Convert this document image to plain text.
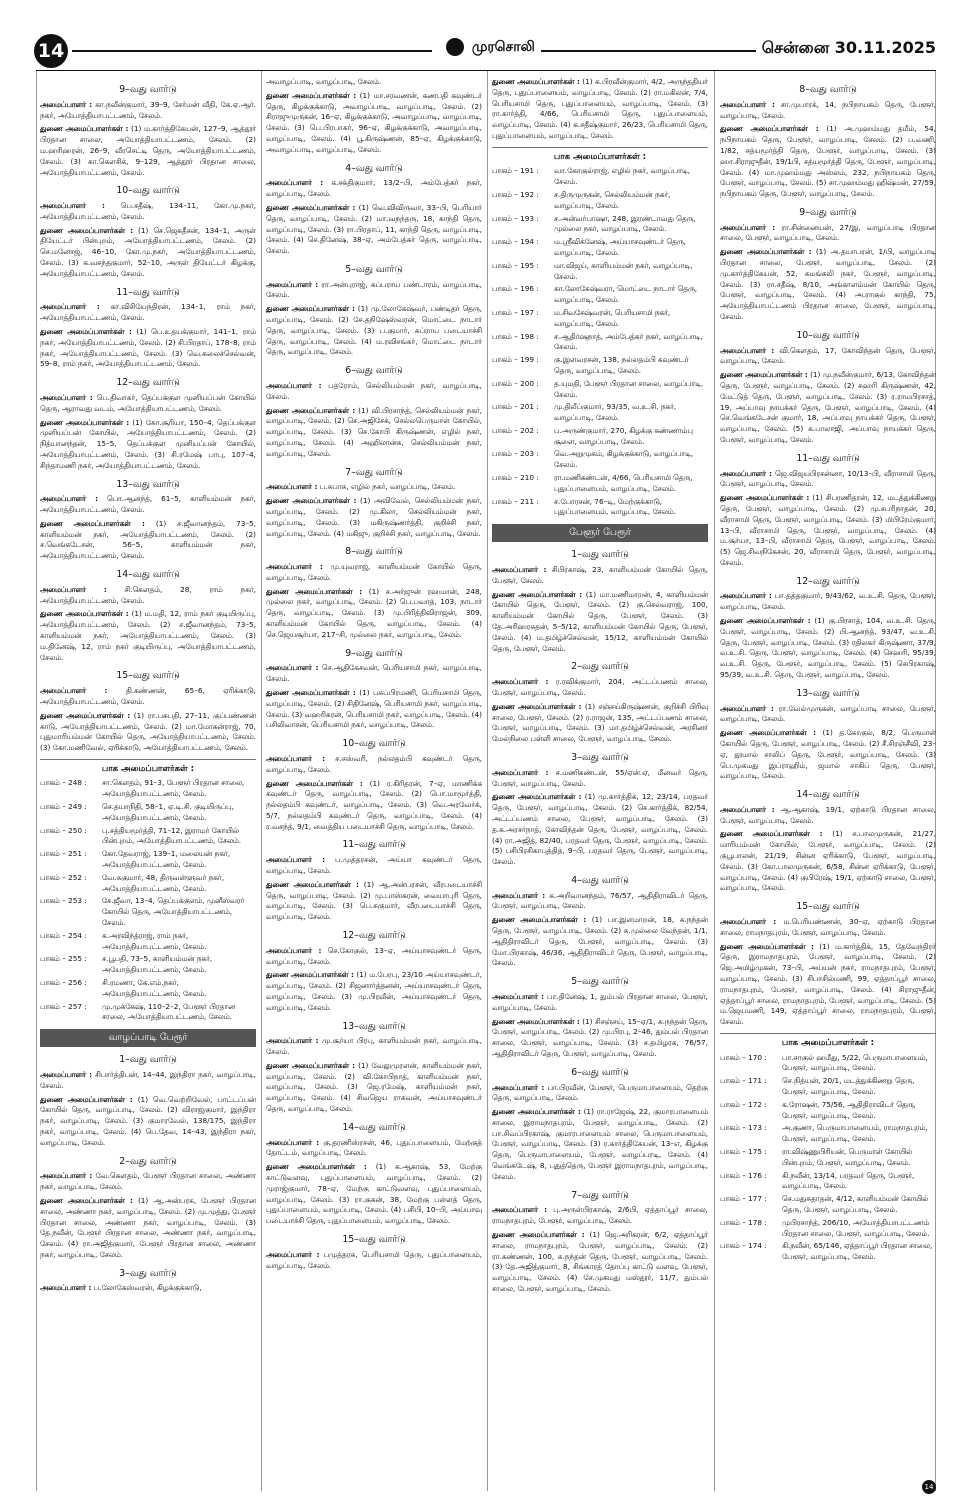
14	முரசொலி	சென்னை 30.11.2025
9–வது வார்டு
அமைப்பாளர் : கா.நவீன்குமார், 39–9, சேர்மன் வீதி, கே.ஏ.ஆர். நகர், அயோத்தியாபட்டணம், சேலம்.
துணை அமைப்பாளர்கள் : (1) ம.கார்த்திகேயன், 127–9, ஆத்தூர் பிரதான சாலை, அயோத்தியாபட்டணம், சேலம். (2) ம.ஹரிஹரன், 26–9, வீரசெட்டி தெரு, அயோத்தியாபட்டணம், சேலம். (3) கா.கௌசிக், 9–129, ஆத்தூர் பிரதான சாலை, அயோத்தியாபட்டணம், சேலம்.
10–வது வார்டு
அமைப்பாளர் : பெ.சதீஷ், 134–11, கோ.மு.நகர், அயோத்தியாபட்டணம், சேலம்.
துணை அமைப்பாளர்கள் : (1) செ.ஜெகதீசன், 134–1, அருள் தியேட்டர் பின்புறம், அயோத்தியாபட்டணம், சேலம். (2) செ.மனோஜ், 46–10, கோ.மு.நகர், அயோத்தியாபட்டணம், சேலம். (3) க.வசந்தகுமார், 52–10, அருள் தியேட்டர் கிழக்கு, அயோத்தியாபட்டணம், சேலம்.
11–வது வார்டு
அமைப்பாளர் : கா.விசியேந்திரன், 134–1, ராம் நகர், அயோத்தியாபட்டணம், சேலம்.
துணை அமைப்பாளர்கள் : (1) பெ.உதயக்குமார், 141–1, ராம் நகர், அயோத்தியாபட்டணம், சேலம். (2) சி.பிரதாப், 178–8, ராம் நகர், அயோத்தியாபட்டணம், சேலம். (3) வெ.கலைச்செல்வன், 59–8, ராம் நகர், அயோத்தியாபட்டணம், சேலம்.
12–வது வார்டு
அமைப்பாளர் : பெ.திவாகர், தெப்பக்குள முனியப்பன் கோயில் தெரு, ஆராவது வடம், அயோத்தியாபட்டணம், சேலம்.
துணை அமைப்பாளர்கள் : (1) கோ.சூரியா, 150–4, தெப்பக்குள முனியப்பன் கோயில், அயோத்தியாபட்டணம், சேலம். (2) நித்யானந்தன், 15–5, தெப்பக்குள முனியப்பன் கோயில், அயோத்தியாபட்டணம், சேலம். (3) சி.ரமேஷ் பாபு, 107–4, சிந்தாமணி நகர், அயோத்தியாபட்டணம், சேலம்.
13–வது வார்டு
அமைப்பாளர் : பொ.ஆனந்த், 61–5, காளியம்மன் நகர், அயோத்தியாபட்டணம், சேலம்.
துணை அமைப்பாளர்கள் : (1) ச.ஜீவானந்தம், 73–5, காளியம்மன் நகர், அயோத்தியாபட்டணம், சேலம். (2) ச.வெங்கடேசன், 56–5, காளியம்மன் நகர், அயோத்தியாபட்டணம், சேலம்.
14–வது வார்டு
அமைப்பாளர் : சி.கௌதம், 28, ராம் நகர், அயோத்தியாபட்டணம், சேலம்.
துணை அமைப்பாளர்கள் : (1) ம.மதி, 12, ராம் நகர் குடியிருப்பு, அயோத்தியாபட்டணம், சேலம். (2) ச.ஜீவானந்தம், 73–5, காளியம்மன் நகர், அயோத்தியாபட்டணம், சேலம். (3) ம.தினேஷ், 12, ராம் நகர் குடியிருப்பு, அயோத்தியாபட்டணம், சேலம்.
15–வது வார்டு
அமைப்பாளர் :	தி.கண்ணன், 65–6, ஏரிக்காடு, அயோத்தியாபட்டணம், சேலம்.
துணை அமைப்பாளர்கள் : (1) ரா.பசுபதி, 27–11, குப்பண்ணன் காடு, அயோத்தியாபட்டணம், சேலம். (2) மா.மோகன்ராஜ், 70, புதுமாரியம்மன் கோயில் தெரு, அயோத்தியாபட்டணம், சேலம். (3) கோ.மணிவேல், ஏரிக்காடு, அயோத்தியாபட்டணம், சேலம்.
பாக அமைப்பாளர்கள் :
பாகம் – 248 :	சா.கௌதம், 91–3, பேளூர் பிரதான சாலை, அயோத்தியாபட்டணம், சேலம்.
பாகம் – 249 :	செ.தயாநிதி, 58–1, ஏ.டி.சி. குடியிருப்பு, அயோத்தியாபட்டணம், சேலம்.
பாகம் – 250 :	பு.சத்தியமூர்த்தி, 71–12, இராமர் கோயில் பின்புறம், அயோத்தியாபட்டணம், சேலம்.
பாகம் – 251 :	கோ.தேவராஜ், 139–1, மலையன் நகர், அயோத்தியாபட்டணம், சேலம்.
பாகம் – 252 :	வே.சுகுமார், 48, திருவள்ளுவர் நகர், அயோத்தியாபட்டணம், சேலம்.
பாகம் – 253 :	சே.ஜீவா, 13–4, தெப்பக்குளம், முனீஸ்வரர் கோயில் தெரு, அயோத்தியாபட்டணம், சேலம்.
பாகம் – 254 :	சு.அரவிந்த்ராஜ், ராம் நகர், அயோத்தியாபட்டணம், சேலம்.
பாகம் – 255 :	ச.பூபதி, 73–5, காளியம்மன் நகர், அயோத்தியாபட்டணம், சேலம்.
பாகம் – 256 :	சி.ரமணா, கே.எம்.நகர், அயோத்தியாபட்டணம், சேலம்.
பாகம் – 257 :	மு.முக்கேஷ், 110–2–2, பேளூர் பிரதான சாலை, அயோத்தியாபட்டணம், சேலம்.
வாழப்பாடி பேரூர்
1–வது வார்டு
அமைப்பாளர் : சிபார்த்திபன், 14–44, இந்திரா நகர், வாழப்பாடி, சேலம்.
துணை அமைப்பாளர்கள் : (1) வெ.வெற்றிவேல், பாட்டப்பன் கோயில் தெரு, வாழப்பாடி, சேலம். (2) விராஜ்குமார், இந்திரா நகர், வாழப்பாடி, சேலம். (3) குமாரவேல், 138/175, இந்திரா நகர், வாழப்பாடி, சேலம். (4) பெ.தேவ, 14–43, இந்திரா நகர், வாழப்பாடி, சேலம்.
2–வது வார்டு
அமைப்பாளர் : வே.கௌதம், பேளூர் பிரதான சாலை, அண்ணா நகர், வாழப்பாடி, சேலம்.
துணை அமைப்பாளர்கள் : (1) ஆ.அன்பரசு, பேளூர் பிரதான சாலை, அண்ணா நகர், வாழப்பாடி, சேலம். (2) மு.முத்து, பேளூர் பிரதான சாலை, அண்ணா நகர், வாழப்பாடி, சேலம். (3) தே.நவீன், பேளூர் பிரதான சாலை, அண்ணா நகர், வாழப்பாடி, சேலம். (4) ரா.அஜித்குமார், பேளூர் பிரதான சாலை, அண்ணா நகர், வாழப்பாடி, சேலம்.
3–வது வார்டு
அமைப்பாளர் : ப.லோகேஸ்வரன், கிழக்குக்காடு,
அவாழப்பாடி, வாழப்பாடி, சேலம்.
துணை அமைப்பாளர்கள் : (1) மா.சரவணன், கணபதி கவுண்டர் தெரு, கிழக்குக்காடு, அவாழப்பாடி, வாழப்பாடி, சேலம். (2) சிராஜுமுருகன், 16–ஏ, கிழக்குக்காடு, அவாழப்பாடி, வாழப்பாடி, சேலம். (3) பெ.பிரபாகர், 96–ஏ, கிழக்குக்காடு, அவாழப்பாடி, வாழப்பாடி, சேலம். (4) பூ.கிருஷ்ணன், 85–ஏ, கிழக்குக்காடு, அவாழப்பாடி, வாழப்பாடி, சேலம்.
4–வது வார்டு
அமைப்பாளர் : க.சக்திகுமார், 13/2–பி, அம்பேத்கர் நகர், வாழப்பாடி, சேலம்.
துணை அமைப்பாளர்கள் : (1) வெ.விவிருவா, 33–பி, பெரியார் தெரு, வாழப்பாடி, சேலம். (2) மா.வநந்தரு, 18, காந்தி தெரு, வாழப்பாடி, சேலம். (3) ரா.பிரதாப், 11, காந்தி தெரு, வாழப்பாடி, சேலம். (4) செ.தினேஷ், 38–ஏ, அம்பேத்கர் தெரு, வாழப்பாடி, சேலம்.
5–வது வார்டு
அமைப்பாளர் : ரா.அன்புராஜ், சுப்பராய பண்டாரம், வாழப்பாடி, சேலம்.
துணை அமைப்பாளர்கள் : (1) மு.லோகேஷ்வர், பண்டிதர் தெரு, வாழப்பாடி, சேலம். (2) சே.தநிஷேஸ்வரன், மொட்டை நாடார் தெரு, வாழப்பாடி, சேலம். (3) ப.குமார், சுப்ராய படையாச்சி தெரு, வாழப்பாடி, சேலம். (4) ம.ரவிசங்கர், மொட்டை நாடார் தெரு, வாழப்பாடி, சேலம்.
6–வது வார்டு
அமைப்பாளர் : பத்ரோம், செல்லியம்மன் நகர், வாழப்பாடி, சேலம்.
துணை அமைப்பாளர்கள் : (1) வி.பிரசாந்த், செல்லியம்மன் நகர், வாழப்பாடி, சேலம். (2) செ.அஜிசேக், செல்லபெருமாள் கோயில், வாழப்பாடி, சேலம். (3) செ.கோபி கிருஷ்ணன், எழில் நகர், வாழப்பாடி, சேலம். (4) அஹிலான்சு, செல்லியம்மன் நகர், வாழப்பாடி, சேலம்.
7–வது வார்டு
அமைப்பாளர் : ப.சுபாசு, எழில் நகர், வாழப்பாடி, சேலம்.
துணை அமைப்பாளர்கள் : (1) அவிவேல், செல்லியம்மன் நகர், வாழப்பாடி, சேலம். (2) மு.கிலா, செல்லியம்மன் நகர், வாழப்பாடி, சேலம். (3) மகிருஷ்ணர்த்தி, குறிச்சி நகர், வாழப்பாடி, சேலம். (4) மகிஜு, குறிச்சி நகர், வாழப்பாடி, சேலம்.
8–வது வார்டு
அமைப்பாளர் : மு.யுவராஜ், காளியம்மன் கோயில் தெரு, வாழப்பாடி, சேலம்.
துணை அமைப்பாளர்கள் : (1) ச.அர்ஜுன் ரஹமான், 248, முல்லை நகர், வாழப்பாடி, சேலம். (2) பெ.பவாத், 103, நாடார் தெரு, வாழப்பாடி, சேலம். (3) மு.பிரித்திவிராஜன், 309, காளியம்மன் கோயில் தெரு, வாழப்பாடி, சேலம். (4) செ.ஜெயசூர்யா, 217–சி, முல்லை நகர், வாழப்பாடி, சேலம்.
9–வது வார்டு
அமைப்பாளர் : செ.ஆதிகேசவன், பெரியசாமி நகர், வாழப்பாடி, சேலம்.
துணை அமைப்பாளர்கள் : (1) பசுப்பிரமணி, பெரியசாமி தெரு, வாழப்பாடி, சேலம். (2) சிதினேஷ், பெரியசாமி நகர், வாழப்பாடி, சேலம். (3) வஹரிகரன், பெரியசாமி நகர், வாழப்பாடி, சேலம். (4) பசிலிவாசன், பெரியசாமி நகர், வாழப்பாடி, சேலம்.
10–வது வார்டு
அமைப்பாளர் : ச.சஸ்வரி, நல்லதம்பி கவுண்டர் தெரு, வாழப்பாடி, சேலம்.
துணை அமைப்பாளர்கள் : (1) ர.கிரிதரன், 7–ஏ, மாணிக்க கவுண்டர் தெரு, வாழப்பாடி, சேலம். (2) பொ.மாமூர்த்தி, நல்லதம்பி கவுண்டர், வாழப்பாடி, சேலம். (3) வெ.அரவேர்க், 5/7, நல்லதம்பி கவுண்டர் தெரு, வாழப்பாடி, சேலம். (4) ர.வசந்த், 9/1, வைத்திய படையாச்சி தெரு, வாழப்பாடி, சேலம்.
11–வது வார்டு
அமைப்பாளர் : ப.முத்தரசன், அய்யா கவுண்டர் தெரு, வாழப்பாடி, சேலம்.
துணை அமைப்பாளர்கள் : (1) ஆ.அன்பரசன், வீரபடையாச்சி தெரு, வாழப்பாடி, சேலம். (2) மு.பாஸ்கரன், வையாபுரி தெரு, வாழப்பாடி, சேலம். (3) பெ.சுகுமார், வீரபடையாச்சி தெரு, வாழப்பாடி, சேலம்.
12–வது வார்டு
அமைப்பாளர் : செ.கோகுல், 13–ஏ, அய்யாசவுண்டர் தெரு, வாழப்பாடி, சேலம்.
துணை அமைப்பாளர்கள் : (1) ம.பேரபு, 23/10 அய்யாசவுண்டர், வாழப்பாடி, சேலம். (2) சிஜனார்த்தனன், அய்யாசவுண்டர் தெரு, வாழப்பாடி, சேலம். (3) மு.பிரவீன், அய்யாசவுண்டர் தெரு, வாழப்பாடி, சேலம்.
13–வது வார்டு
அமைப்பாளர் : மு.சூர்யா பிரபு, காளியம்மன் நகர், வாழப்பாடி, சேலம்.
துணை அமைப்பாளர்கள் : (1) வேலுமுரளன், காளியம்மன் நகர், வாழப்பாடி, சேலம். (2) வி.கோபிநாத், காளியம்மன் நகர், வாழப்பாடி, சேலம். (3) ஜெ.ரமேஷ், காளியம்மன் நகர், வாழப்பாடி, சேலம். (4) சிவஜெய ராகவன், அய்யாசவுண்டர் தெரு, வாழப்பாடி, சேலம்.
14–வது வார்டு
அமைப்பாளர் : கு.தரணிஸ்ரசன், 46, புதுப்பாளையம், மேற்குத் தோட்டம், வாழப்பாடி, சேலம்.
துணை அமைப்பாளர்கள் : (1) க.ஆகாஷ், 53, மேற்கு காட்டுவளவு, புதுப்பாளையம், வாழப்பாடி, சேலம். (2) முராஜ்குமார், 78–ஏ, மேற்கு காட்டுவளவு, புதுப்பாளையம், வாழப்பாடி, சேலம். (3) ரா.குகன், 38, மேற்கு பள்ளத் தெரு, புதுப்பாளையம், வாழப்பாடி, சேலம். (4) பசிபி, 10–பி, அய்யாவு படையாச்சி தெரு, புதுப்பாளையம், வாழப்பாடி, சேலம்.
15–வது வார்டு
அமைப்பாளர் : பமுத்தரசு, பெரியசாமி தெரு, புதுப்பாளையம், வாழப்பாடி, சேலம்.
துணை அமைப்பாளர்கள் : (1) க.பிரவீன்குமார், 4/2, அருந்ததியர் தெரு, புதுப்பாளையம், வாழப்பாடி, சேலம். (2) ரா.மகிலன், 7/4, பெரியசாமி தெரு, புதுப்பாளையம், வாழப்பாடி, சேலம். (3) ரா.கார்த்தி, 4/66, பெரியசாமி தெரு, புதுப்பாளையம், வாழப்பாடி, சேலம். (4) க.சதீஷ்குமார், 26/23, பெரியசாமி தெரு, புதுப்பாளையம், வாழப்பாடி, சேலம்.
பாக அமைப்பாளர்கள் :
பாகம் – 191 :	வா.கோகுல்ராஜ், எழில் நகர், வாழப்பாடி, சேலம்.
பாகம் – 192 :	ச.திருமுருகன், செல்லியம்மன் நகர், வாழப்பாடி, சேலம்.
பாகம் – 193 :	ச.அன்வர்பாஷா, 248, இரண்டாவது தெரு, முல்லை நகர், வாழப்பாடி, சேலம்.
பாகம் – 194 :	ம.ஸ்ரீவிக்னேஷ், அய்யாசவுண்டர் தெரு, வாழப்பாடி, சேலம்.
பாகம் – 195 :	மா.விஜய், காளியம்மன் நகர், வாழப்பாடி, சேலம்.
பாகம் – 196 :	கா.லோகேஷ்வரா, மொட்டை நாடார் தெரு, வாழப்பாடி, சேலம்.
பாகம் – 197 :	ம.சிவசேஷ்வரன், பெரியசாமி நகர், வாழப்பாடி, சேலம்.
பாகம் – 198 :	ச.ஆதிர்ஷநாத், அம்பேத்கர் நகர், வாழப்பாடி, சேலம்.
பாகம் – 199 :	கு.இளவரசன், 138, நல்லதம்பி கவுண்டர் தெரு, வாழப்பாடி, சேலம்.
பாகம் – 200 :	த.யுமதி, பேளூர் பிரதான சாலை, வாழப்பாடி, சேலம்.
பாகம் – 201 :	மு.திலீப்குமார், 93/35, வ.உ.சி. நகர், வாழப்பாடி, சேலம்.
பாகம் – 202 :	ப.அருண்குமார், 270, கிழக்கு சுண்ணாம்பு சூளை, வாழப்பாடி, சேலம்.
பாகம் – 203 :	வெ.அறுமுகம், கிழக்குக்காடு, வாழப்பாடி, சேலம்.
பாகம் – 210 :	ரா.மணிகண்டன், 4/66, பெரியசாமி தெரு, புதுப்பாளையம், வாழப்பாடி, சேலம்.
பாகம் – 211 :	ச.போரசன், 76–டி, மேற்குக்காடு, புதுப்பாளையம், வாழப்பாடி, சேலம்.
பேளூர் பேரூர்
1–வது வார்டு
அமைப்பாளர் : சிபிரகாஷ், 23, காளியம்மன் கோயில் தெரு, பேளூர், சேலம்.
துணை அமைப்பாளர்கள் : (1) மா.மணிமாறன், 4, காளியம்மன் கோயில் தெரு, பேளூர், சேலம். (2) கு.செல்வராஜ், 100, காளியம்மன் கோயில் தெரு, பேளூர், சேலம். (3) தே.அரிஹரசுதன், 5–5/12, காளியம்மன் கோயில் தெரு, பேளூர், சேலம். (4) ம.தமிழ்ச்செல்வன், 15/12, காளியம்மன் கோயில் தெரு, பேளூர், சேலம்.
2–வது வார்டு
அமைப்பாளர் : ர.ரவிக்குமார், 204, அட்டப்பணம் சாலை, பேளூர், வாழப்பாடி, சேலம்.
துணை அமைப்பாளர்கள் : (1) சஞ்சய்கிருஷ்ணன், குறிச்சி பிரிவு சாலை, பேளூர், சேலம். (2) ர.ராஜன், 135, அட்டப்பணம் சாலை, பேளூர், வாழப்பாடி, சேலம். (3) மா.தமிழ்ச்செல்வன், அரசினர் மேல்நிலை பள்ளி சாலை, பேளூர், வாழப்பாடி, சேலம்.
3–வது வார்டு
அமைப்பாளர் : ச.மணிகண்டன், 55/ஏன்.ஏ, மீனவர் தெரு, பேளூர், வாழப்பாடி, சேலம்.
துணை அமைப்பாளர்கள் : (1) மு.கார்த்திக், 12, 23/14, பரதவர் தெரு, பேளூர், வாழப்பாடி, சேலம். (2) செ.கார்த்திக், 82/54, அட்டப்பணம் சாலை, பேளூர், வாழப்பாடி, சேலம். (3) த.க.அரசர்நாத், கோவிந்தன் தெரு, பேளூர், வாழப்பாடி, சேலம். (4) ரா.அஜித், 82/40, பரதவர் தெரு, பேளூர், வாழப்பாடி, சேலம். (5) பசிபிரசிகாபுத்தித், 9–பி, பரதவர் தெரு, பேளூர், வாழப்பாடி, சேலம்.
4–வது வார்டு
அமைப்பாளர் : க.அறிவானந்தம், 76/57, ஆதிதிராவிடர் தெரு, பேளூர், வாழப்பாடி, சேலம்.
துணை அமைப்பாளர்கள் : (1) பா.இளமாறன், 18, சு.நந்தன் தெரு, பேளூர், வாழப்பாடி, சேலம். (2) சு.முல்லை வேந்தன், 1/1, ஆதிதிராவிடர் தெரு, பேளூர், வாழப்பாடி, சேலம். (3) மோ.பிரகாஷ், 46/36, ஆதிதிராவிடர் தெரு, பேளூர், வாழப்பாடி, சேலம்.
5–வது வார்டு
அமைப்பாளர் : பா.தினேஷ், 1, தும்பல் பிரதான சாலை, பேளூர், வாழப்பாடி, சேலம்.
துணை அமைப்பாளர்கள் : (1) சிசஞ்சய், 15–ஏ/1, சு.நந்தன் தெரு, பேளூர், வாழப்பாடி, சேலம். (2) மு.பிரபு, 2–46, தும்பல் பிரதான சாலை, பேளூர், வாழப்பாடி, சேலம். (3) ச.தமிழரசு, 76/57, ஆதிதிராவிடர் தெரு, பேளூர், வாழப்பாடி, சேலம்.
6–வது வார்டு
அமைப்பாளர் : பா.பிரவீன், பேளூர், பெருமாபாளையம், தெற்கு தெரு, வாழப்பாடி, சேலம்.
துணை அமைப்பாளர்கள் : (1) ரா.ராஜேஷ், 22, குமாரபாளையம் சாலை, இராமநாதபுரம், பேளூர், வாழப்பாடி, சேலம். (2) பா.சிவப்பிரகாஷ், குமாரபாளையம் சாலை, பெருமாபாளையம், பேளூர், வாழப்பாடி, சேலம். (3) ர.கார்த்திகேயன், 13–எ, கிழக்கு தெரு, பெருமாபாளையம், பேளூர், வாழப்பாடி, சேலம். (4) வெங்கடேஷ், 8, புதுத்தெரு, பேளூர் இராமநாதபுரம், வாழப்பாடி, சேலம்.
7–வது வார்டு
அமைப்பாளர் : பு.அருள்பிரகாஷ், 2/6பி, ஏத்தாப்பூர் சாலை, ராமநாதபுரம், பேளூர், வாழப்பாடி, சேலம்.
துணை அமைப்பாளர்கள் : (1) ஜெ.அரிகரன், 6/2, ஏத்தாப்பூர் சாலை, ராமநாதபுரம், பேளூர், வாழப்பாடி, சேலம். (2) ரா.கண்ணன், 100, சு.நந்தன் தெரு, பேளூர், வாழப்பாடி, சேலம். (3) தே.அஜித்குமார், 8, சிங்காரத் தோப்பு காட்டு வளவு, பேளூர், வாழப்பாடி, சேலம். (4) சே.முகமது மஸ்தூர், 11/7, தும்பல் சாலை, பேளூர், வாழப்பாடி, சேலம்.
8–வது வார்டு
அமைப்பாளர் : சா.முபாரக், 14, நபிநாயகம் தெரு, பேளூர், வாழப்பாடி, சேலம்.
துணை அமைப்பாளர்கள் : (1) அ.முஹம்மது தமீம், 54, நபிநாயகம் தெரு, பேளூர், வாழப்பாடி, சேலம். (2) ப.வணி, 1/82, சத்யமூர்த்தி தெரு, பேளூர், வாழப்பாடி, சேலம். (3) ஹா.சிராஜுதீன், 19/1பி, சத்யமூர்த்தி தெரு, பேளூர், வாழப்பாடி, சேலம். (4) மா.முஹம்மது அஸ்லம், 232, நபிநாயகம் தெரு, பேளூர், வாழப்பாடி, சேலம். (5) சா.முஹம்மது ஹிஷ்மன், 27/59, நபிநாயகம் தெரு, பேளூர், வாழப்பாடி, சேலம்.
9–வது வார்டு
அமைப்பாளர் : ரா.சின்னையன், 27/இ, வாழப்பாடி பிரதான சாலை, பேளூர், வாழப்பாடி, சேலம்.
துணை அமைப்பாளர்கள் : (1) அ.தயாபரன், 1/பி, வாழப்பாடி பிரதான சாலை, பேளூர், வாழப்பாடி, சேலம். (2) மு.கார்த்திகேயன், 52, சுமங்கலி நகர், பேளூர், வாழப்பாடி, சேலம். (3) ரா.சதீஷ், 8/10, அங்காளம்மன் கோயில் தெரு, பேளூர், வாழப்பாடி, சேலம். (4) அ.ராகுல் காந்தி, 75, அயோத்தியாபட்டணம் பிரதான சாலை, பேளூர், வாழப்பாடி, சேலம்.
10–வது வார்டு
அமைப்பாளர் : வி.கௌதம், 17, கோவிந்தன் தெரு, பேளூர், வாழப்பாடி, சேலம்.
துணை அமைப்பாளர்கள் : (1) மு.நவீன்குமார், 6/13, கோவிந்தன் தெரு, பேளூர், வாழப்பாடி, சேலம். (2) சுஹரி கிருஷ்ணன், 42, மேட்டுத் தெரு, பேளூர், வாழப்பாடி, சேலம். (3) ர.ராமபிரசாத், 19, அப்பாவு நாயக்கர் தெரு, பேளூர், வாழப்பாடி, சேலம். (4) செ.வெங்கடேசன் குமார், 18, அப்பாவு நாயக்கர் தெரு, பேளூர், வாழப்பாடி, சேலம். (5) க.பாலாஜி, அப்பாவு நாயக்கர் தெரு, பேளூர், வாழப்பாடி, சேலம்.
11–வது வார்டு
அமைப்பாளர் : ஜெ.விஜயபிரசன்னா, 10/13–பி, வீராசாமி தெரு, பேளூர், வாழப்பாடி, சேலம்.
துணை அமைப்பாளர்கள் : (1) சிபரணிதரன், 12, மடத்துக்கிணறு தெரு, பேளூர், வாழப்பாடி, சேலம். (2) மு.சபரிநாதன், 20, வீராசாமி தெரு, பேளூர், வாழப்பாடி, சேலம். (3) மிபிரேம்குமார், 13–பி, வீராசாமி தெரு, பேளூர், வாழப்பாடி, சேலம். (4) ம.சூர்யா, 13–பி, வீராசாமி தெரு, பேளூர், வாழப்பாடி, சேலம். (5) ஜெ.சிவநிகேசன், 20, வீராசாமி தெரு, பேளூர், வாழப்பாடி, சேலம்.
12–வது வார்டு
அமைப்பாளர் : பா.தத்தகுமார், 9/43/62, வ.உ.சி. தெரு, பேளூர், வாழப்பாடி, சேலம்.
துணை அமைப்பாளர்கள் : (1) கு.பிரசாத், 104, வ.உ.சி. தெரு, பேளூர், வாழப்பாடி, சேலம். (2) பி.ஆனந்த், 93/47, வ.உ.சி. தெரு, பேளூர், வாழப்பாடி, சேலம். (3) ரதிலகர் கிருஷ்ணா, 37/9, வ.உ.சி. தெரு, பேளூர், வாழப்பாடி, சேலம். (4) செஹரி, 95/39, வ.உ.சி. தெரு, பேளூர், வாழப்பாடி, சேலம். (5) செபிரகாஷ், 95/39, வ.உ.சி. தெரு, பேளூர், வாழப்பாடி, சேலம்.
13–வது வார்டு
அமைப்பாளர் : ரா.வேல்முருகன், வாழப்பாடி சாலை, பேளூர், வாழப்பாடி, சேலம்.
துணை அமைப்பாளர்கள் : (1) த.கோகுல், 8/2, பெருமாள் கோயில் தெரு, பேளூர், வாழப்பாடி, சேலம். (2) சீ.சிரஞ்சீவி, 23–ஏ, தூமால் சாலிப் தெரு, பேளூர், வாழப்பாடி, சேலம். (3) பெ.முகமது இப்ராஹிம், ஜமால் சாகிப் தெரு, பேளூர், வாழப்பாடி, சேலம்.
14–வது வார்டு
அமைப்பாளர் : ஆ.ஆகாஷ், 19/1, ஏற்காடு பிரதான சாலை, பேளூர், வாழப்பாடி, சேலம்.
துணை அமைப்பாளர்கள் : (1) ச.பாலமுருகன், 21/27, மாரியம்மன் கோயில், பேளூர், வாழப்பாடி, சேலம். (2) குபூபாலன், 21/19, சின்ன ஏரிக்காடு, பேளூர், வாழப்பாடி, சேலம். (3) கோ.பாலமுருகன், 6/58, சின்ன ஏரிக்காடு, பேளூர், வாழப்பாடி, சேலம். (4) குபிரேஷ், 19/1, ஏற்காடு சாலை, பேளூர், வாழப்பாடி, சேலம்.
15–வது வார்டு
அமைப்பாளர் : ம.பெரியண்ணன், 30–ஏ, ஏற்காடு பிரதான சாலை, ராமநாதபுரம், பேளூர், வாழப்பாடி, சேலம்.
துணை அமைப்பாளர்கள் : (1) ம.கார்த்திக், 15, தேவேந்திரர் தெரு, இராமநாதபுரம், பேளூர், வாழப்பாடி, சேலம். (2) ஜெ.அமிழ்முகன், 73–பி, அய்யன் நகர், ராமநாதபுரம், பேளூர், வாழப்பாடி, சேலம். (3) சிபாசில்மணி, 99, ஏத்தாப்பூர் சாலை, ராமநாதபுரம், பேளூர், வாழப்பாடி, சேலம். (4) சிராஜுதீன், ஏத்தாப்பூர் சாலை, ராமநாதபுரம், பேளூர், வாழப்பாடி, சேலம். (5) ம.ஜெயமணி, 149, ஏத்தாப்பூர் சாலை, ராமநாதபுரம், பேளூர், சேலம்.
பாக அமைப்பாளர்கள் :
பாகம் – 170 :	பா.சாகுல் ஹமீது, 5/22, பெருமாபாளையம், பேளூர், வாழப்பாடி, சேலம்.
பாகம் – 171 :	செ.நித்யன், 20/1, மடத்துக்கிணறு தெரு, பேளூர், வாழப்பாடி, சேலம்.
பாகம் – 172 :	க.ரோஷன், 75/56, ஆதிதிராவிடர் தெரு, பேளூர், வாழப்பாடி, சேலம்.
பாகம் – 173 :	அ.குணா, பெருமாபாளையம், ராமநாதபுரம், பேளூர், வாழப்பாடி, சேலம்.
பாகம் – 175 :	ரா.விஷ்ணுபிரியன், பெருமாள் கோயில் பின்புறம், பேளூர், வாழப்பாடி, சேலம்.
பாகம் – 176 :	கி.நவீன், 13/14, பரதவர் தெரு, பேளூர், வாழப்பாடி, சேலம்.
பாகம் – 177 :	செ.மதுசுதாதன், 4/12, காளியம்மன் கோயில் தெரு, பேளூர், வாழப்பாடி, சேலம்.
பாகம் – 178 :	முபிரசாந்த், 206/10, அயோத்தியாபட்டணம் பிரதான சாலை, பேளூர், வாழப்பாடி, சேலம்.
பாகம் – 174 :	கி.நவீன், 65/146, ஏத்தாப்பூர் பிரதான சாலை, பேளூர், வாழப்பாடி, சேலம்.
14
